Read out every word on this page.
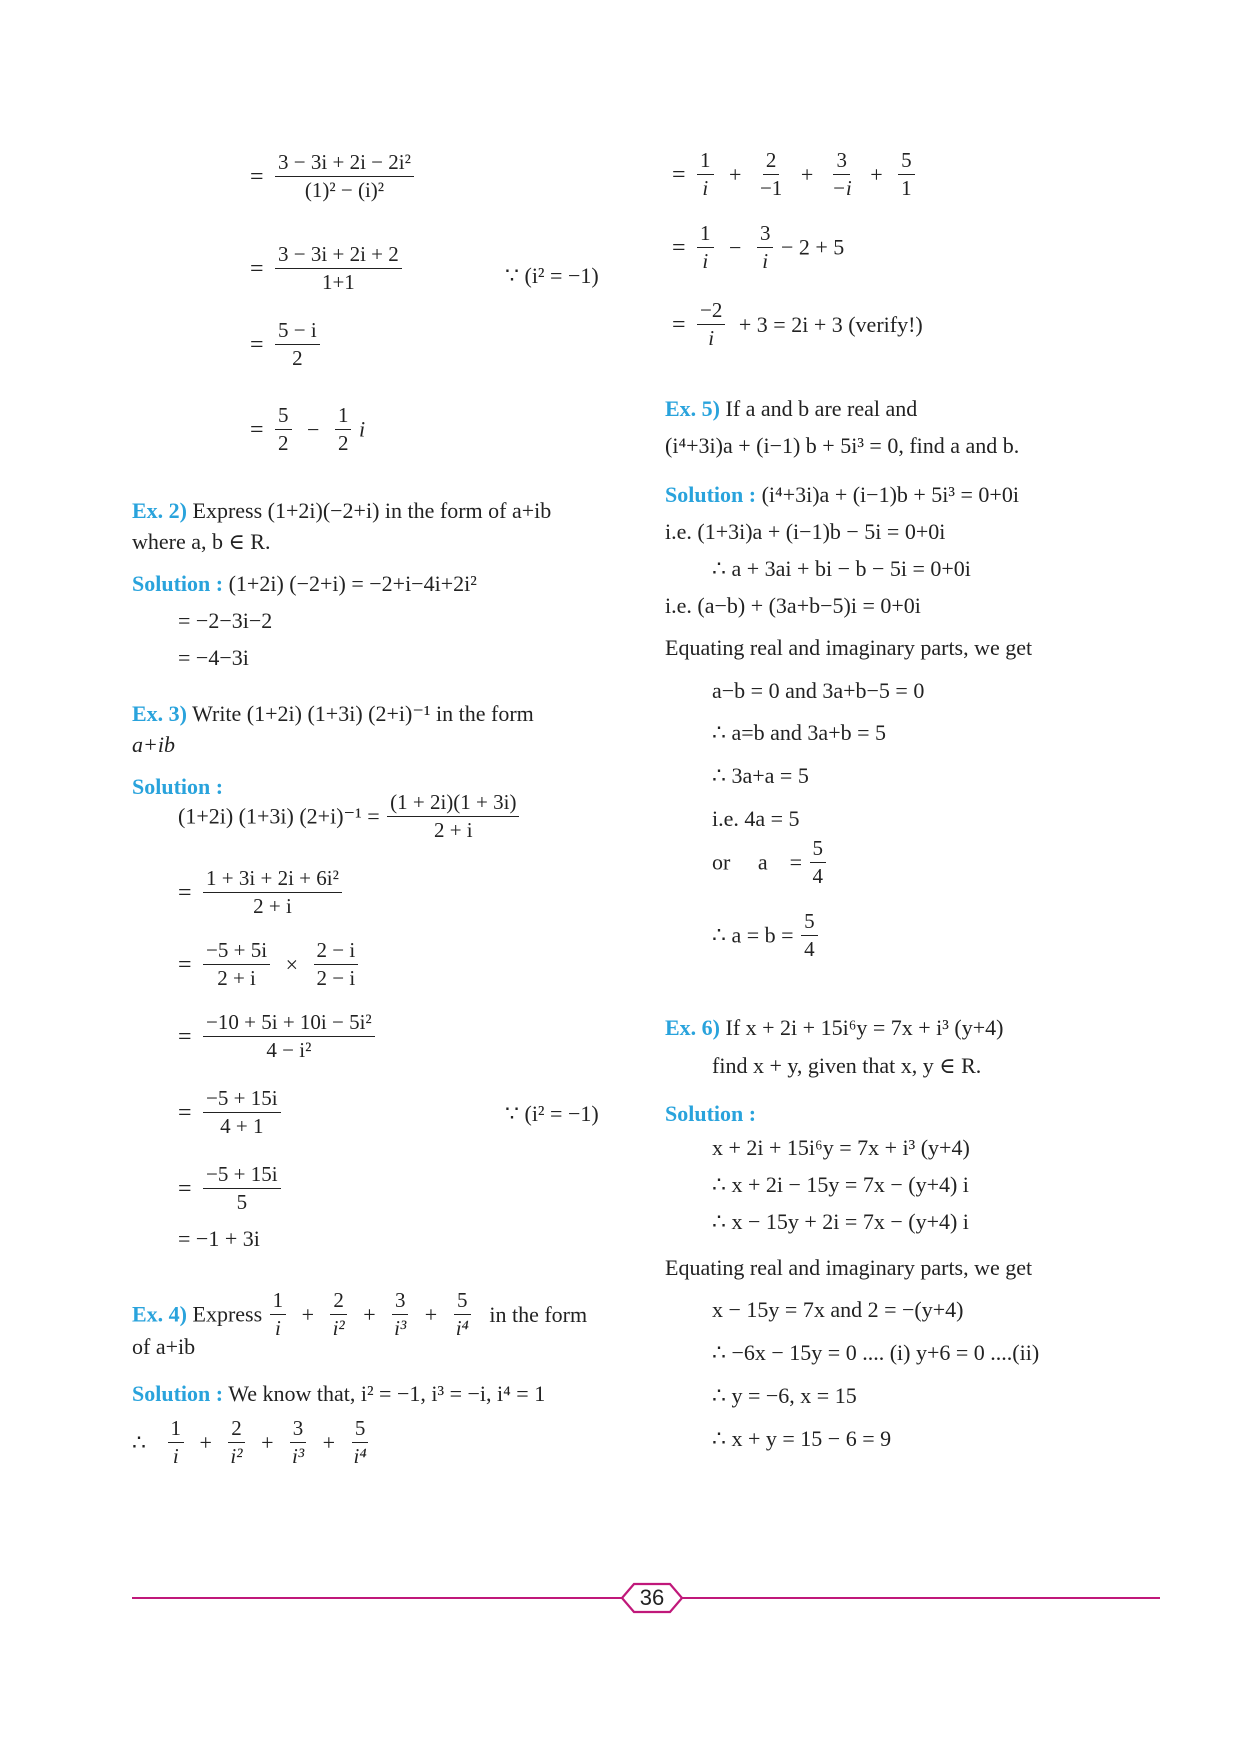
= $\frac{\text{3 − 3i + 2i − 2i²}}{\text{(1)² − (i)²}}$
= $\frac{3 - 3i + 2i + 2}{1+1}$	∵ (i² = −1)
= $\frac{5 - i}{2}$
= $\frac{5}{2} - \frac{1}{2}$ i
Ex. 2) Express (1+2i)(−2+i) in the form of a+ib
where a, b ∈ R.
Solution : (1+2i) (−2+i) = −2+i−4i+2i²
= −2−3i−2
= −4−3i
Ex. 3) Write (1+2i) (1+3i) (2+i)⁻¹ in the form
a+ib
Solution :
(1+2i) (1+3i) $(2+i)^{-1} = \frac{(1 + 2i)(1 + 3i)}{2 + i}$
= $\frac{\text{1 + 3i + 2i + 6i²}}{2 + i}$
= $\frac{-5 + 5i}{2 + i} \times \frac{2 - i}{2 - i}$
= $\frac{\text{−10 + 5i + 10i − 5i²}}{\text{4 − i²}}$
= $\frac{-5 + 15i}{4 + 1}$	∵ (i² = −1)
= $\frac{-5 + 15i}{5}$
= −1 + 3i
Ex. 4) Express $\frac{1}{i} + \frac{2}{\text{i²}} + \frac{3}{\text{i³}} + \frac{5}{\text{i⁴}}$ in the form
of a+ib
Solution : We know that, i² = −1, i³ = −i, i⁴ = 1
∴ $\frac{1}{i} + \frac{2}{\text{i²}} + \frac{3}{\text{i³}} + \frac{5}{\text{i⁴}}$
= $\frac{1}{i} + \frac{2}{-1} + \frac{3}{-i} + \frac{5}{1}$
= $\frac{1}{i} - \frac{3}{i} - 2 + 5$
= $\frac{-2}{i} + 3 = 2i + 3$ (verify!)
Ex. 5) If a and b are real and
(i⁴+3i)a + (i−1) b + 5i³ = 0, find a and b.
Solution : (i⁴+3i)a + (i−1)b + 5i³ = 0+0i
i.e. (1+3i)a + (i−1)b − 5i = 0+0i
∴ a + 3ai + bi − b − 5i = 0+0i
i.e. (a−b) + (3a+b−5)i = 0+0i
Equating real and imaginary parts, we get
a−b = 0 and 3a+b−5 = 0
∴ a=b and 3a+b = 5
∴ 3a+a = 5
i.e. 4a = 5
or     a    = $\frac{5}{4}$
∴ $a = b = \frac{5}{4}$
Ex. 6) If x + 2i + 15i⁶y = 7x + i³ (y+4)
find x + y, given that x, y ∈ R.
Solution :
x + 2i + 15i⁶y = 7x + i³ (y+4)
∴ x + 2i − 15y = 7x − (y+4) i
∴ x − 15y + 2i = 7x − (y+4) i
Equating real and imaginary parts, we get
x − 15y = 7x and 2 = −(y+4)
∴ −6x − 15y = 0 .... (i) y+6 = 0 ....(ii)
∴ y = −6, x = 15
∴ x + y = 15 − 6 = 9
36
